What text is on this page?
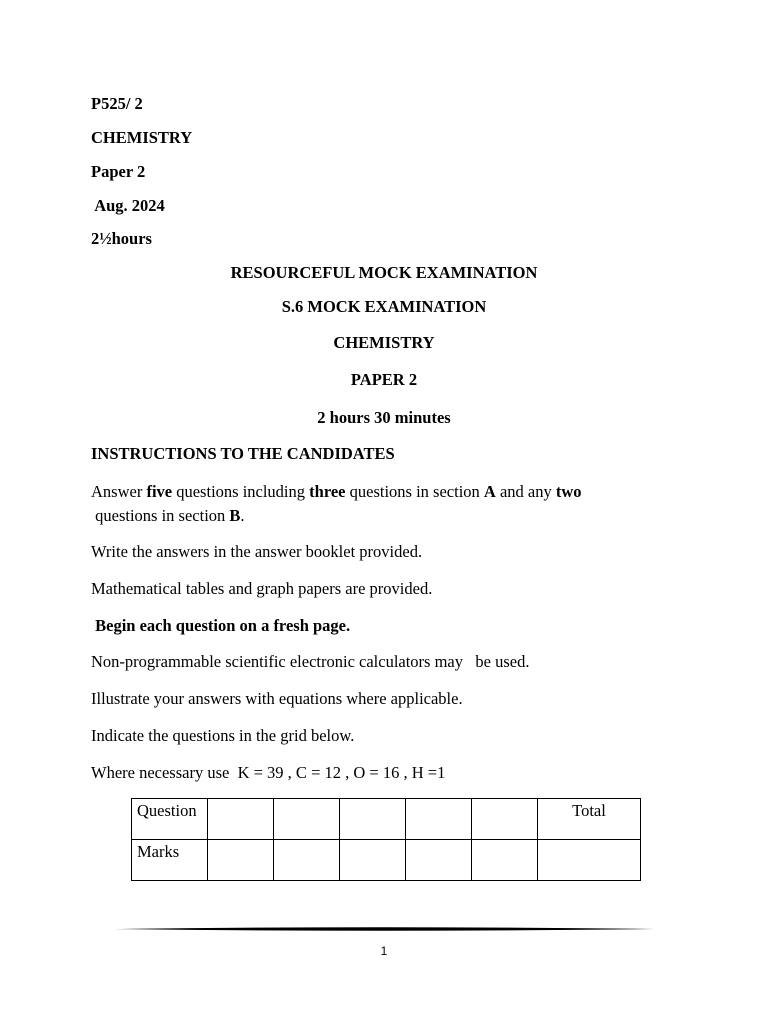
P525/ 2
CHEMISTRY
Paper 2
Aug. 2024
2½hours
RESOURCEFUL MOCK EXAMINATION
S.6 MOCK EXAMINATION
CHEMISTRY
PAPER 2
2 hours 30 minutes
INSTRUCTIONS TO THE CANDIDATES
Answer five questions including three questions in section A and any two
questions in section B.
Write the answers in the answer booklet provided.
Mathematical tables and graph papers are provided.
Begin each question on a fresh page.
Non-programmable scientific electronic calculators may   be used.
Illustrate your answers with equations where applicable.
Indicate the questions in the grid below.
Where necessary use  K = 39 , C = 12 , O = 16 , H =1
Question						Total
Marks						
1
